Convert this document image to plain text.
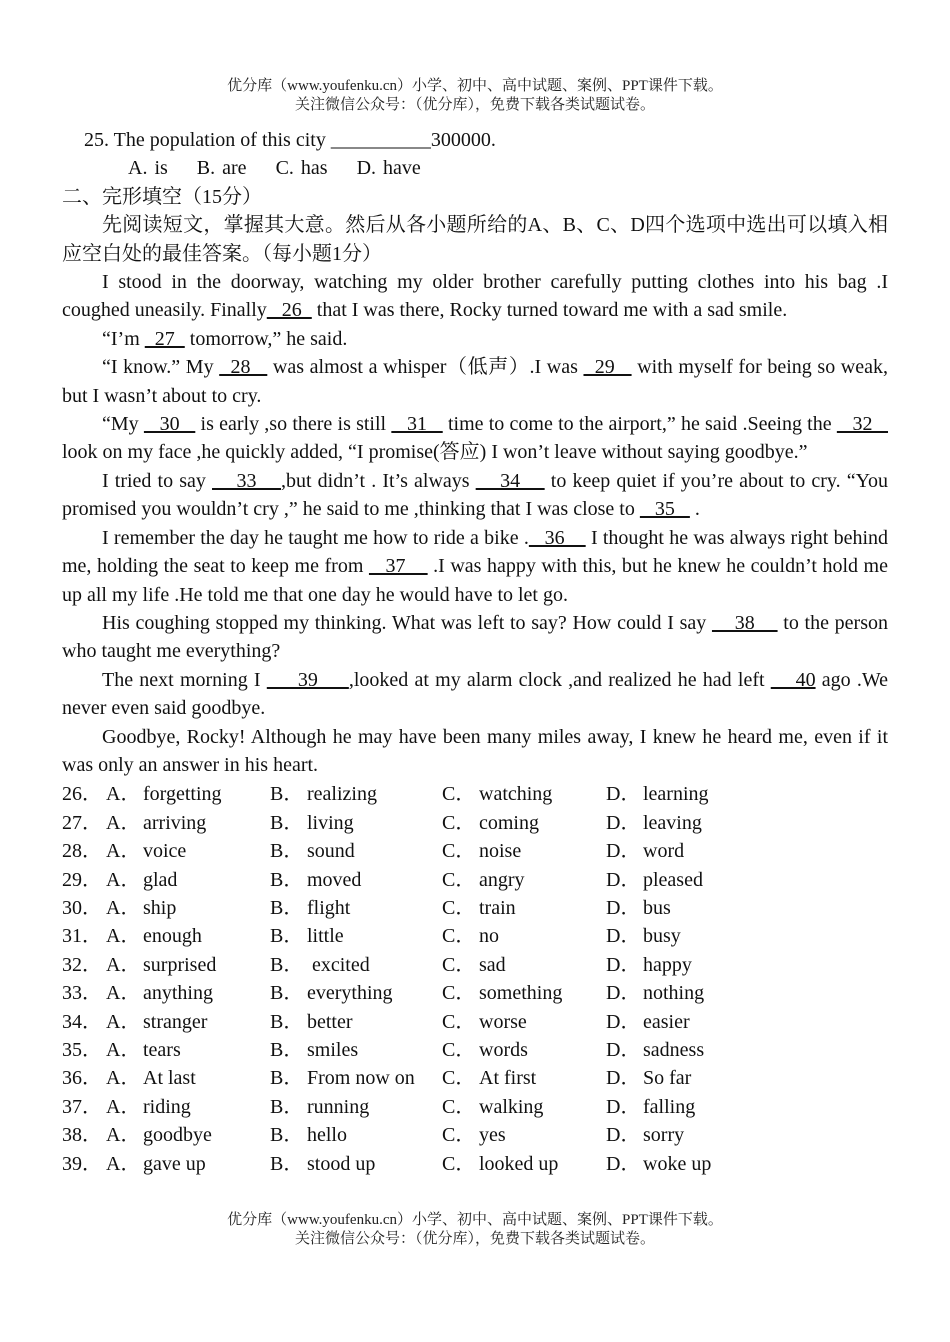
优分库（www.youfenku.cn）小学、初中、高中试题、案例、PPT课件下载。
关注微信公众号：（优分库），免费下载各类试题试卷。
25. The population of this city __________300000.
A. is B. are C. has D. have
二、完形填空（15分）

先阅读短文，掌握其大意。然后从各小题所给的A、B、C、D四个选项中选出可以填入相应空白处的最佳答案。（每小题1分）

I stood in the doorway, watching my older brother carefully putting clothes into his bag .I coughed uneasily. Finally   26   that I was there, Rocky turned toward me with a sad smile.

“I’m   27   tomorrow,” he said.

“I know.” My   28    was almost a whisper（低声）.I was   29    with myself for being so weak, but I wasn’t about to cry.

“My    30    is early ,so there is still    31    time to come to the airport,” he said .Seeing the    32    look on my face ,he quickly added, “I promise(答应) I won’t leave without saying goodbye.”

I tried to say     33    ,but didn’t . It’s always     34     to keep quiet if you’re about to cry. “You promised you wouldn’t cry ,” he said to me ,thinking that I was close to    35    .

I remember the day he taught me how to ride a bike .   36     I thought he was always right behind me, holding the seat to keep me from    37     .I was happy with this, but he knew he couldn’t hold me up all my life .He told me that one day he would have to let go.

His coughing stopped my thinking. What was left to say? How could I say     38     to the person who taught me everything?

The next morning I      39     ,looked at my alarm clock ,and realized he had left     40 ago .We never even said goodbye.

Goodbye, Rocky! Although he may have been many miles away, I knew he heard me, even if it was only an answer in his heart.

26．	A．	forgetting	B．	realizing	C．	watching	D．	learning
27．	A．	arriving	B．	living	C．	coming	D．	leaving
28．	A．	voice	B．	sound	C．	noise	D．	word
29．	A．	glad	B．	moved	C．	angry	D．	pleased
30．	A．	ship	B．	flight	C．	train	D．	bus
31．	A．	enough	B．	little	C．	no	D．	busy
32．	A．	surprised	B．	excited	C．	sad	D．	happy
33．	A．	anything	B．	everything	C．	something	D．	nothing
34．	A．	stranger	B．	better	C．	worse	D．	easier
35．	A．	tears	B．	smiles	C．	words	D．	sadness
36．	A．	At last	B．	From now on	C．	At first	D．	So far
37．	A．	riding	B．	running	C．	walking	D．	falling
38．	A．	goodbye	B．	hello	C．	yes	D．	sorry
39．	A．	gave up	B．	stood up	C．	looked up	D．	woke up
优分库（www.youfenku.cn）小学、初中、高中试题、案例、PPT课件下载。
关注微信公众号：（优分库），免费下载各类试题试卷。
